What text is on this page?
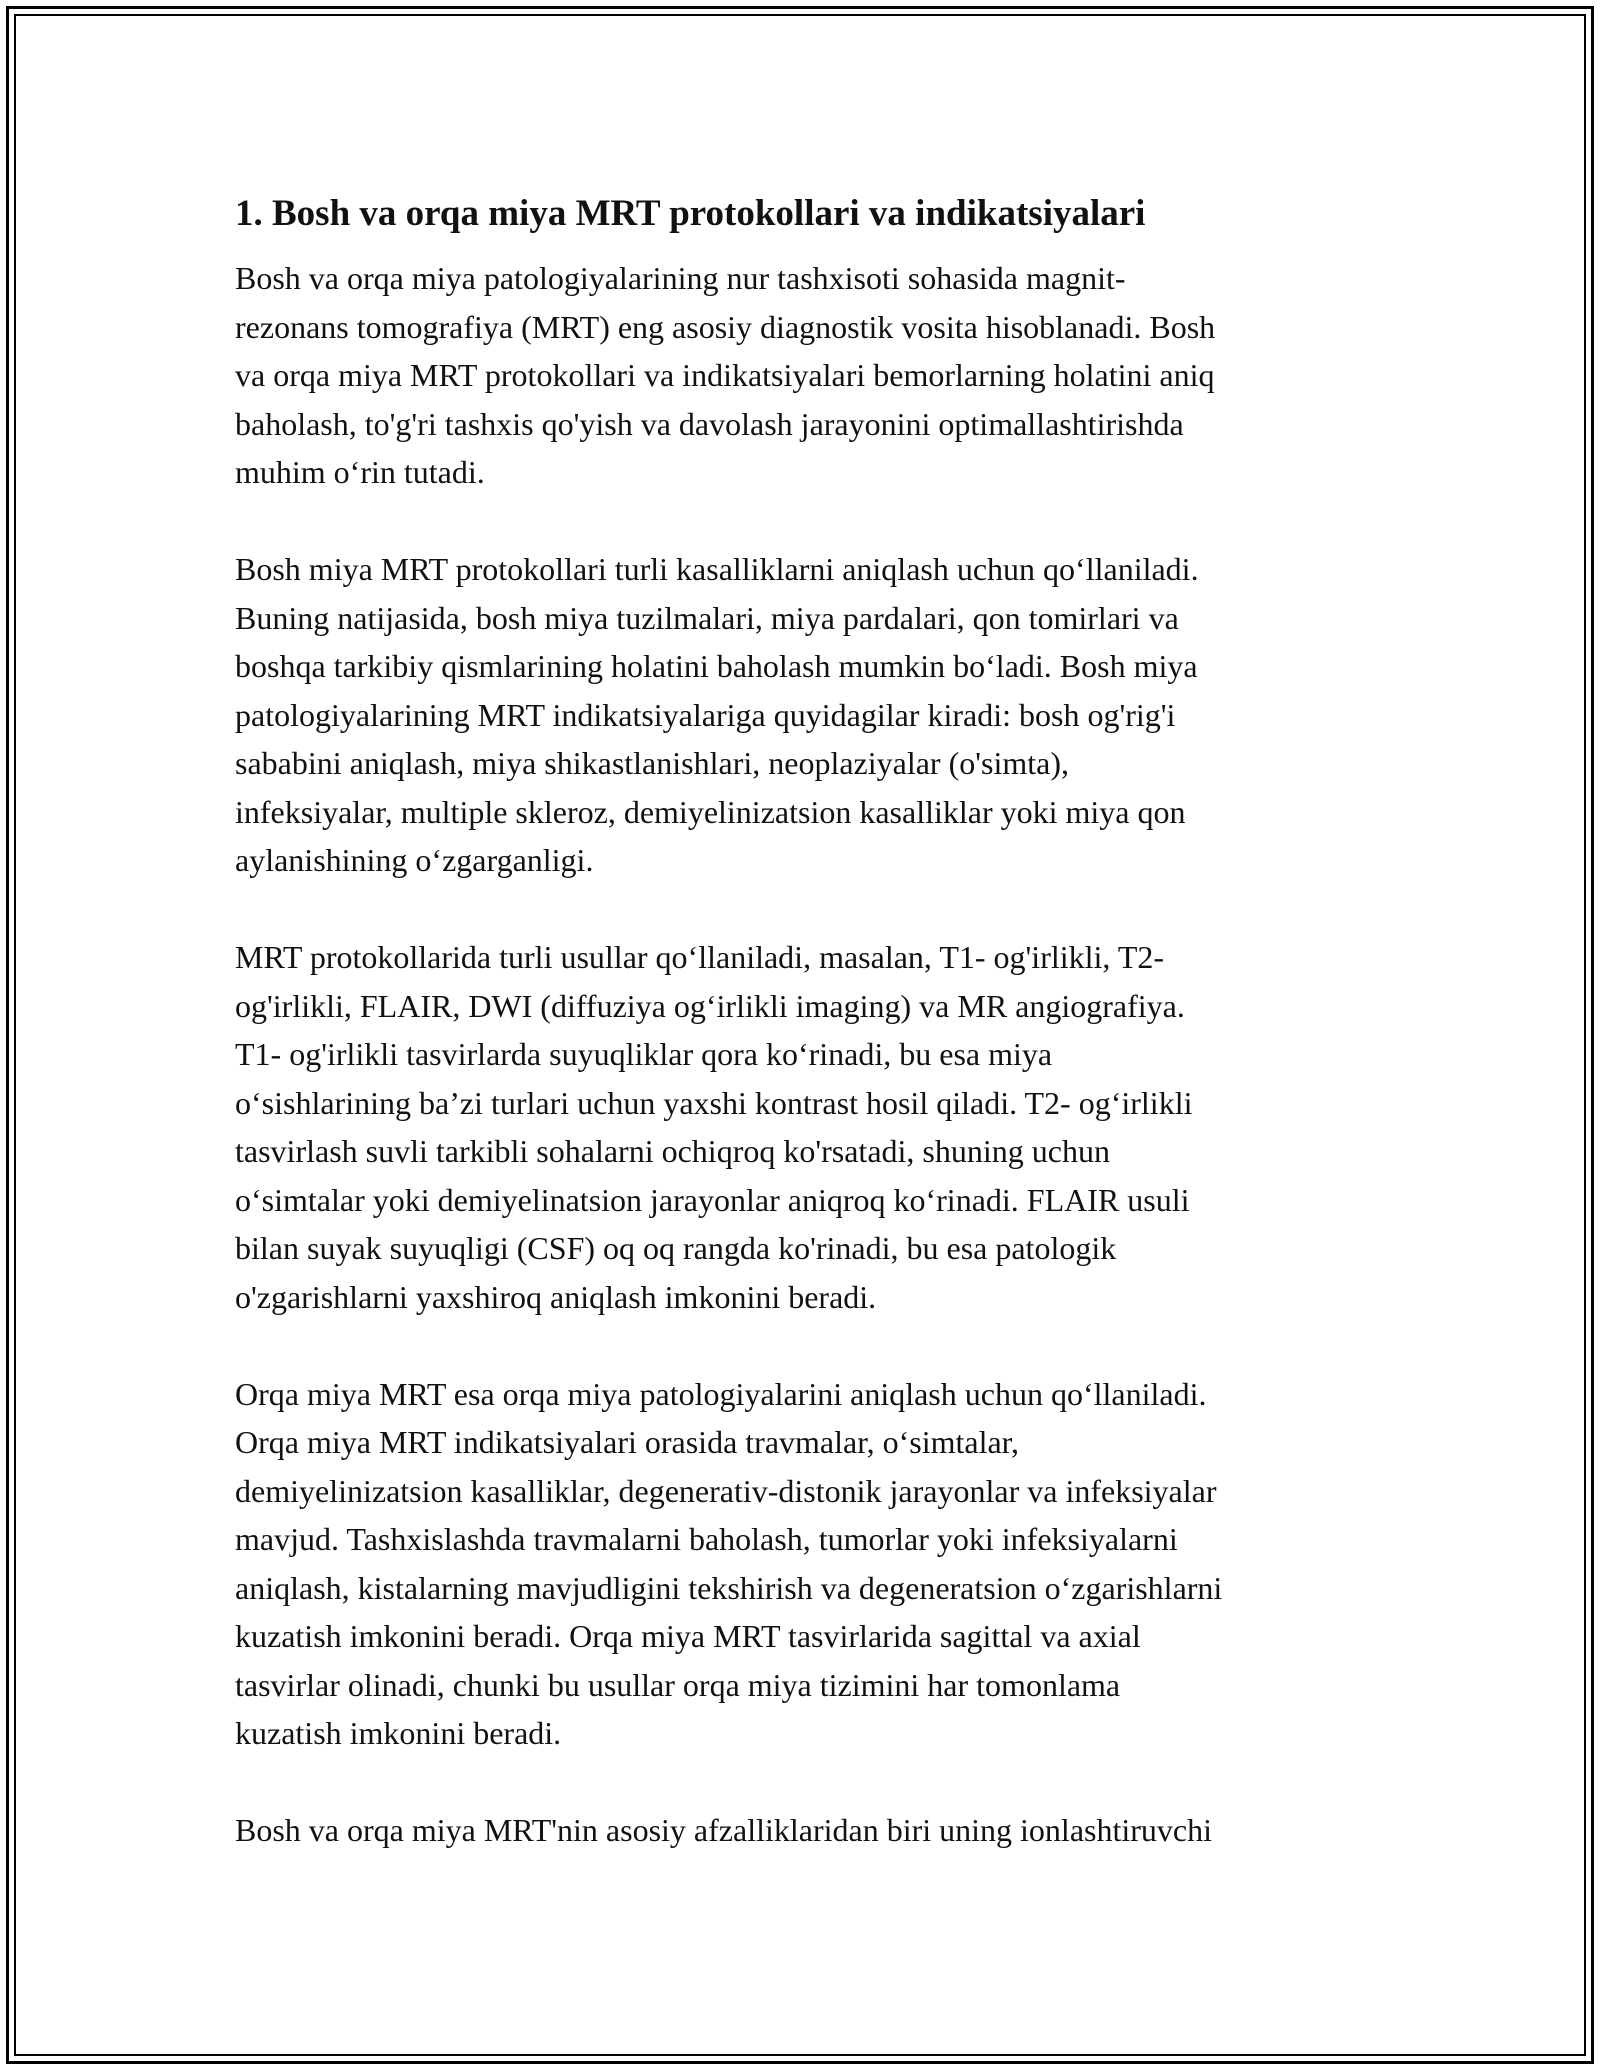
1. Bosh va orqa miya MRT protokollari va indikatsiyalari

Bosh va orqa miya patologiyalarining nur tashxisoti sohasida magnit-
rezonans tomografiya (MRT) eng asosiy diagnostik vosita hisoblanadi. Bosh
va orqa miya MRT protokollari va indikatsiyalari bemorlarning holatini aniq
baholash, to'g'ri tashxis qo'yish va davolash jarayonini optimallashtirishda
muhim oʻrin tutadi.

Bosh miya MRT protokollari turli kasalliklarni aniqlash uchun qoʻllaniladi.
Buning natijasida, bosh miya tuzilmalari, miya pardalari, qon tomirlari va
boshqa tarkibiy qismlarining holatini baholash mumkin boʻladi. Bosh miya
patologiyalarining MRT indikatsiyalariga quyidagilar kiradi: bosh og'rig'i
sababini aniqlash, miya shikastlanishlari, neoplaziyalar (o'simta),
infeksiyalar, multiple skleroz, demiyelinizatsion kasalliklar yoki miya qon
aylanishining oʻzgarganligi.

MRT protokollarida turli usullar qoʻllaniladi, masalan, T1- og'irlikli, T2-
og'irlikli, FLAIR, DWI (diffuziya ogʻirlikli imaging) va MR angiografiya.
T1- og'irlikli tasvirlarda suyuqliklar qora koʻrinadi, bu esa miya
oʻsishlarining baʼzi turlari uchun yaxshi kontrast hosil qiladi. T2- ogʻirlikli
tasvirlash suvli tarkibli sohalarni ochiqroq ko'rsatadi, shuning uchun
oʻsimtalar yoki demiyelinatsion jarayonlar aniqroq koʻrinadi. FLAIR usuli
bilan suyak suyuqligi (CSF) oq oq rangda ko'rinadi, bu esa patologik
o'zgarishlarni yaxshiroq aniqlash imkonini beradi.

Orqa miya MRT esa orqa miya patologiyalarini aniqlash uchun qoʻllaniladi.
Orqa miya MRT indikatsiyalari orasida travmalar, oʻsimtalar,
demiyelinizatsion kasalliklar, degenerativ-distonik jarayonlar va infeksiyalar
mavjud. Tashxislashda travmalarni baholash, tumorlar yoki infeksiyalarni
aniqlash, kistalarning mavjudligini tekshirish va degeneratsion oʻzgarishlarni
kuzatish imkonini beradi. Orqa miya MRT tasvirlarida sagittal va axial
tasvirlar olinadi, chunki bu usullar orqa miya tizimini har tomonlama
kuzatish imkonini beradi.

Bosh va orqa miya MRT'nin asosiy afzalliklaridan biri uning ionlashtiruvchi
